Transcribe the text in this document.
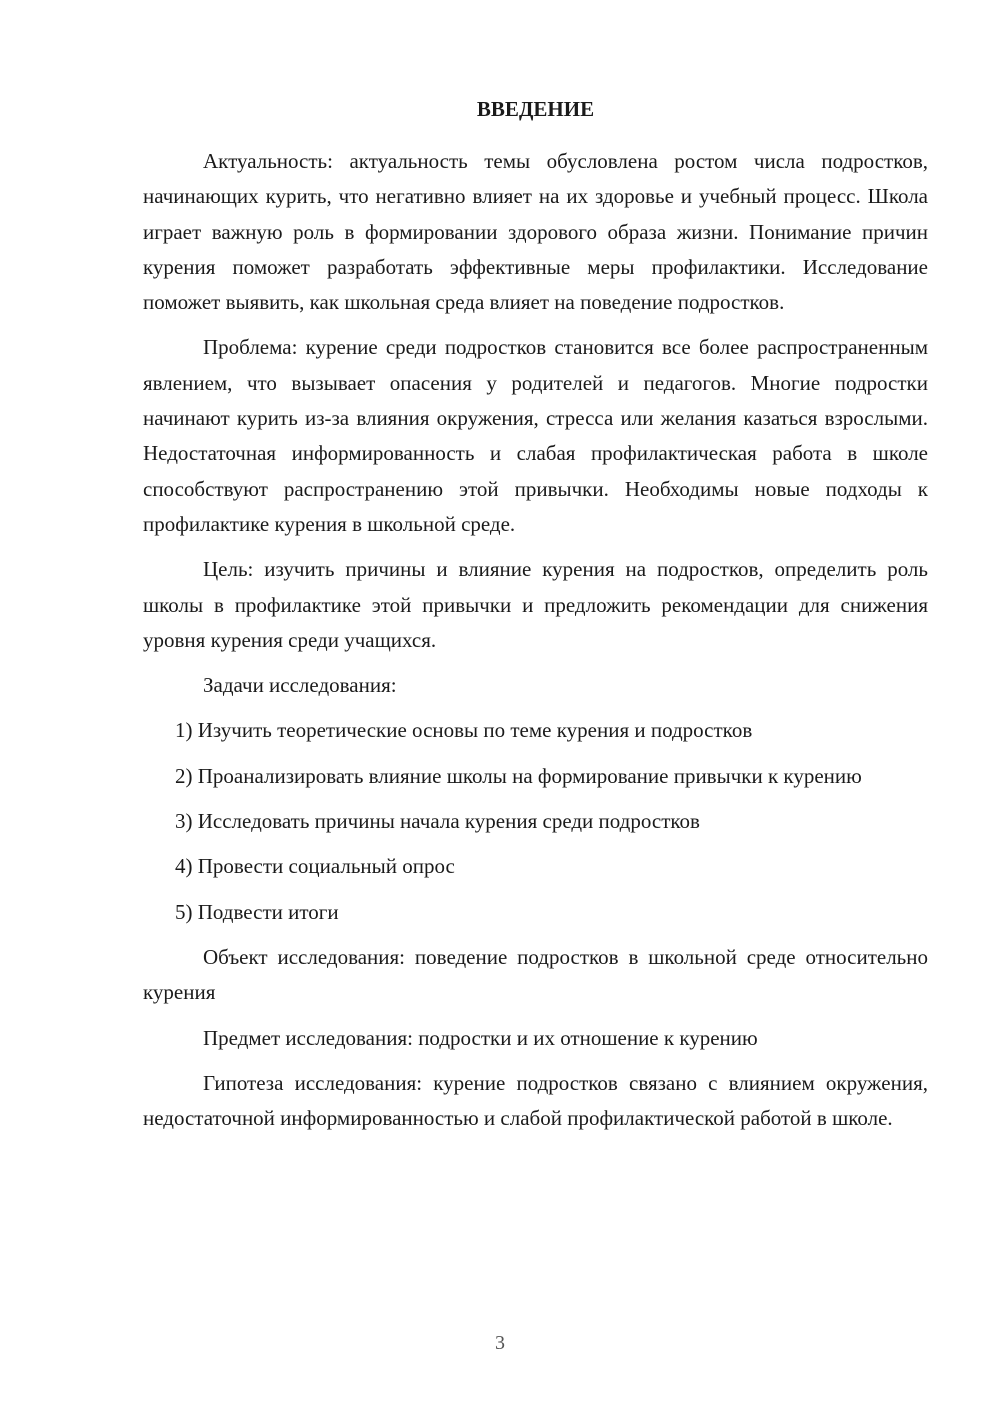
ВВЕДЕНИЕ

Актуальность: актуальность темы обусловлена ростом числа подростков, начинающих курить, что негативно влияет на их здоровье и учебный процесс. Школа играет важную роль в формировании здорового образа жизни. Понимание причин курения поможет разработать эффективные меры профилактики. Исследование поможет выявить, как школьная среда влияет на поведение подростков.

Проблема: курение среди подростков становится все более распространенным явлением, что вызывает опасения у родителей и педагогов. Многие подростки начинают курить из-за влияния окружения, стресса или желания казаться взрослыми. Недостаточная информированность и слабая профилактическая работа в школе способствуют распространению этой привычки. Необходимы новые подходы к профилактике курения в школьной среде.

Цель: изучить причины и влияние курения на подростков, определить роль школы в профилактике этой привычки и предложить рекомендации для снижения уровня курения среди учащихся.

Задачи исследования:

1) Изучить теоретические основы по теме курения и подростков

2) Проанализировать влияние школы на формирование привычки к курению

3) Исследовать причины начала курения среди подростков

4) Провести социальный опрос

5) Подвести итоги

Объект исследования: поведение подростков в школьной среде относительно курения

Предмет исследования: подростки и их отношение к курению

Гипотеза исследования: курение подростков связано с влиянием окружения, недостаточной информированностью и слабой профилактической работой в школе.

3
